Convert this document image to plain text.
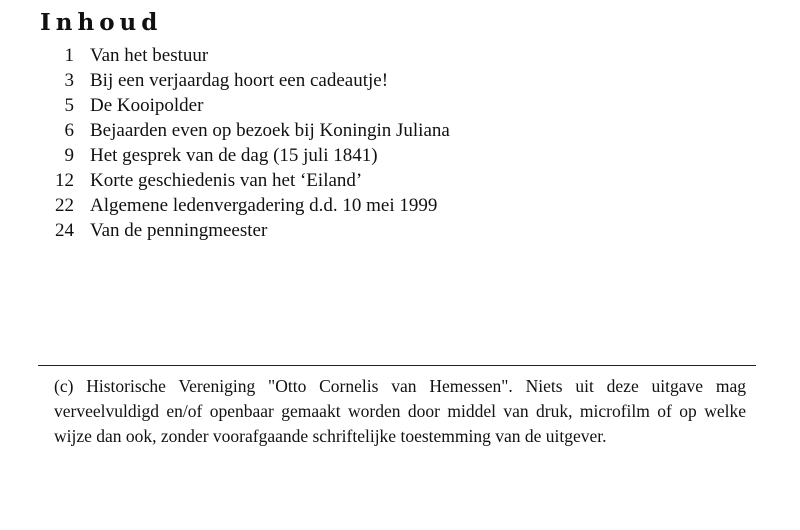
Inhoud
1 Van het bestuur
3 Bij een verjaardag hoort een cadeautje!
5 De Kooipolder
6 Bejaarden even op bezoek bij Koningin Juliana
9 Het gesprek van de dag (15 juli 1841)
12 Korte geschiedenis van het ‘Eiland’
22 Algemene ledenvergadering d.d. 10 mei 1999
24 Van de penningmeester

(c) Historische Vereniging "Otto Cornelis van Hemessen". Niets uit deze uitgave mag verveelvuldigd en/of openbaar gemaakt worden door middel van druk, microfilm of op welke wijze dan ook, zonder voorafgaande schriftelijke toestemming van de uitgever.
